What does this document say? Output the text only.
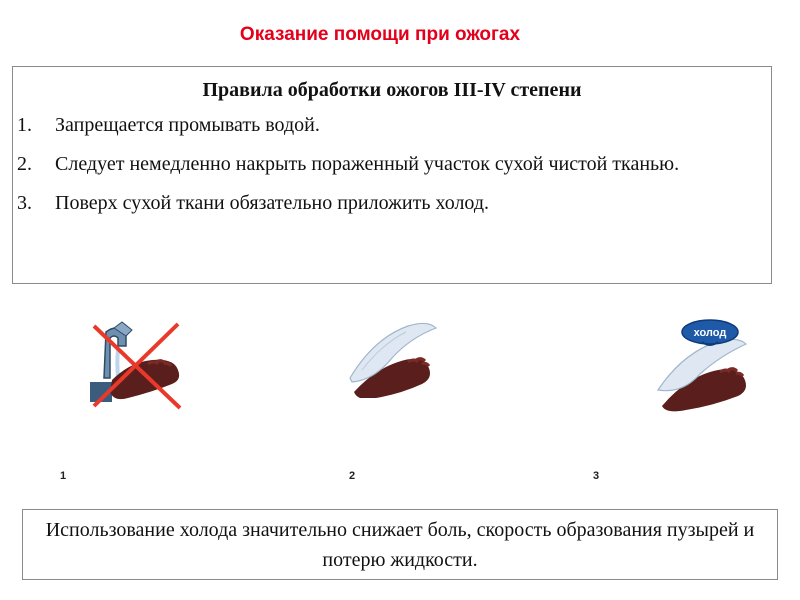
Оказание помощи при ожогах
Правила обработки ожогов III-IV степени
1. Запрещается промывать водой.
2. Следует немедленно накрыть пораженный участок сухой чистой тканью.
3. Поверх сухой ткани обязательно приложить холод.
холод
1	2	3
Использование холода значительно снижает боль, скорость образования пузырей и потерю жидкости.
